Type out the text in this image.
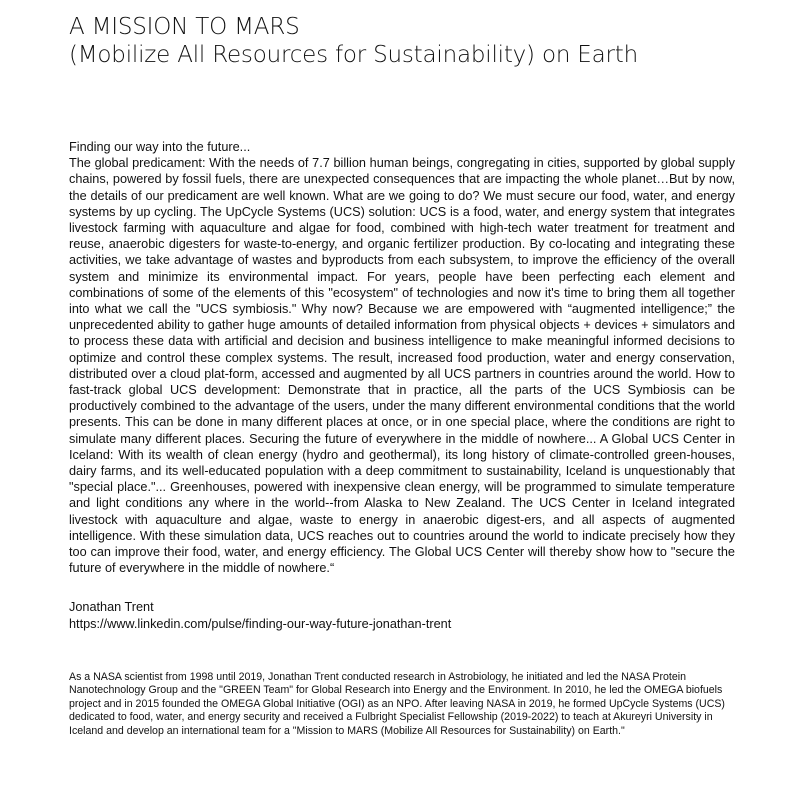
A MISSION TO MARS
(Mobilize All Resources for Sustainability) on Earth

Finding our way into the future...

The global predicament: With the needs of 7.7 billion human beings, congregating in cities, supported by global supply chains, powered by fossil fuels, there are unexpected consequences that are impacting the whole planet…But by now, the details of our predicament are well known. What are we going to do? We must secure our food, water, and energy systems by up cycling. The UpCycle Systems (UCS) solution: UCS is a food, water, and energy system that integrates livestock farming with aquaculture and algae for food, combined with high-tech water treatment for treatment and reuse, anaerobic digesters for waste-to-energy, and organic fertilizer production. By co-locating and integrating these activities, we take advantage of wastes and byproducts from each subsystem, to improve the efficiency of the overall system and minimize its environmental impact. For years, people have been perfecting each element and combinations of some of the elements of this "ecosystem" of technologies and now it's time to bring them all together into what we call the "UCS symbiosis." Why now? Because we are empowered with “augmented intelligence;” the unprecedented ability to gather huge amounts of detailed information from physical objects + devices + simulators and to process these data with artificial and decision and business intelligence to make meaningful informed decisions to optimize and control these complex systems. The result, increased food production, water and energy conservation, distributed over a cloud plat-form, accessed and augmented by all UCS partners in countries around the world. How to fast-track global UCS development: Demonstrate that in practice, all the parts of the UCS Symbiosis can be productively combined to the advantage of the users, under the many different environmental conditions that the world presents. This can be done in many different places at once, or in one special place, where the conditions are right to simulate many different places. Securing the future of everywhere in the middle of nowhere... A Global UCS Center in Iceland: With its wealth of clean energy (hydro and geothermal), its long history of climate-controlled green-houses, dairy farms, and its well-educated population with a deep commitment to sustainability, Iceland is unquestionably that "special place."... Greenhouses, powered with inexpensive clean energy, will be programmed to simulate temperature and light conditions any where in the world--from Alaska to New Zealand. The UCS Center in Iceland integrated livestock with aquaculture and algae, waste to energy in anaerobic digest-ers, and all aspects of augmented intelligence. With these simulation data, UCS reaches out to countries around the world to indicate precisely how they too can improve their food, water, and energy efficiency. The Global UCS Center will thereby show how to "secure the future of everywhere in the middle of nowhere.“

Jonathan Trent
https://www.linkedin.com/pulse/finding-our-way-future-jonathan-trent

As a NASA scientist from 1998 until 2019, Jonathan Trent conducted research in Astrobiology, he initiated and led the NASA Protein Nanotechnology Group and the "GREEN Team" for Global Research into Energy and the Environment. In 2010, he led the OMEGA biofuels project and in 2015 founded the OMEGA Global Initiative (OGI) as an NPO. After leaving NASA in 2019, he formed UpCycle Systems (UCS) dedicated to food, water, and energy security and received a Fulbright Specialist Fellowship (2019-2022) to teach at Akureyri University in Iceland and develop an international team for a "Mission to MARS (Mobilize All Resources for Sustainability) on Earth."
